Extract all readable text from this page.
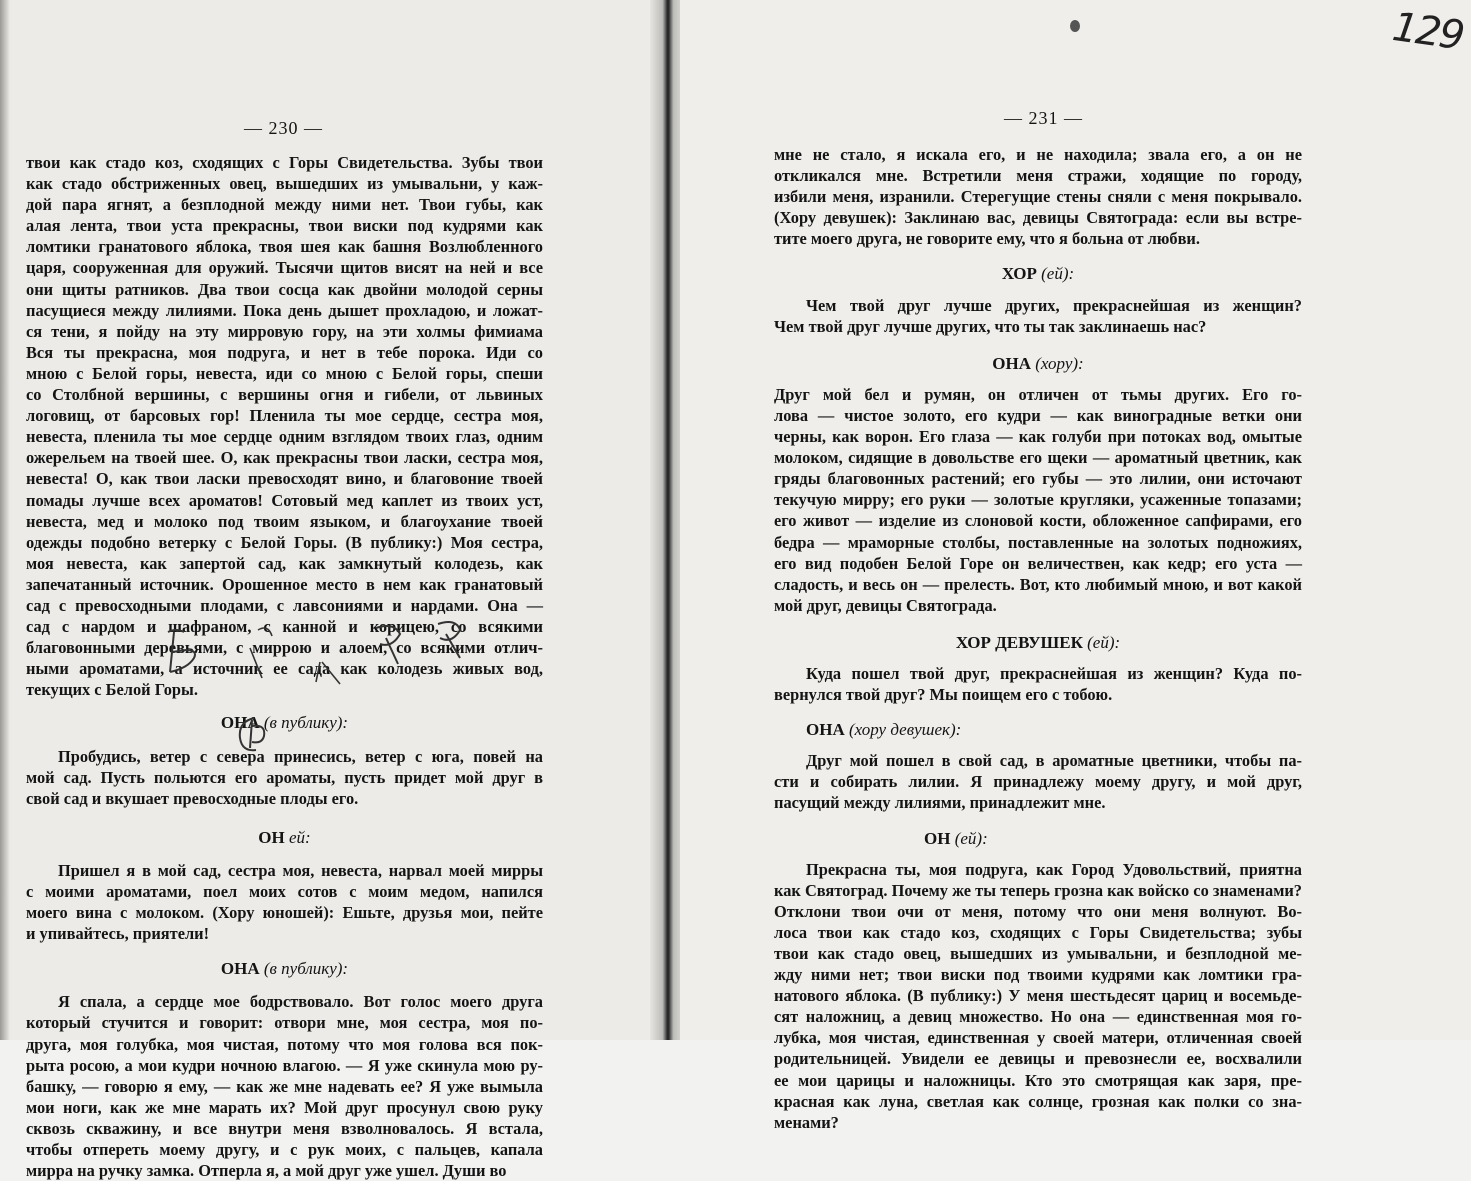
— 230 —
твои как стадо коз, сходящих с Горы Свидетельства. Зубы твои
как стадо обстриженных овец, вышедших из умывальни, у каж-
дой пара ягнят, а безплодной между ними нет. Твои губы, как
алая лента, твои уста прекрасны, твои виски под кудрями как
ломтики гранатового яблока, твоя шея как башня Возлюбленного
царя, сооруженная для оружий. Тысячи щитов висят на ней и все
они щиты ратников. Два твои сосца как двойни молодой серны
пасущиеся между лилиями. Пока день дышет прохладою, и ложат-
ся тени, я пойду на эту мирровую гору, на эти холмы фимиама
Вся ты прекрасна, моя подруга, и нет в тебе порока. Иди со
мною с Белой горы, невеста, иди со мною с Белой горы, спеши
со Столбной вершины, с вершины огня и гибели, от львиных
логовищ, от барсовых гор! Пленила ты мое сердце, сестра моя,
невеста, пленила ты мое сердце одним взглядом твоих глаз, одним
ожерельем на твоей шее. О, как прекрасны твои ласки, сестра моя,
невеста! О, как твои ласки превосходят вино, и благовоние твоей
помады лучше всех ароматов! Сотовый мед каплет из твоих уст,
невеста, мед и молоко под твоим языком, и благоухание твоей
одежды подобно ветерку с Белой Горы. (В публику:) Моя сестра,
моя невеста, как запертой сад, как замкнутый колодезь, как
запечатанный источник. Орошенное место в нем как гранатовый
сад с превосходными плодами, с лавсониями и нардами. Она —
сад с нардом и шафраном, с канной и корицею, со всякими
благовонными деревьями, с миррою и алоем, со всякими отлич-
ными ароматами, а источник ее сада как колодезь живых вод,
текущих с Белой Горы.
ОНА (в публику):
Пробудись, ветер с севера принесись, ветер с юга, повей на
мой сад. Пусть польются его ароматы, пусть придет мой друг в
свой сад и вкушает превосходные плоды его.
ОН ей:
Пришел я в мой сад, сестра моя, невеста, нарвал моей мирры
с моими ароматами, поел моих сотов с моим медом, напился
моего вина с молоком. (Хору юношей): Ешьте, друзья мои, пейте
и упивайтесь, приятели!
ОНА (в публику):
Я спала, а сердце мое бодрствовало. Вот голос моего друга
который стучится и говорит: отвори мне, моя сестра, моя по-
друга, моя голубка, моя чистая, потому что моя голова вся пок-
рыта росою, а мои кудри ночною влагою. — Я уже скинула мою ру-
башку, — говорю я ему, — как же мне надевать ее? Я уже вымыла
мои ноги, как же мне марать их? Мой друг просунул свою руку
сквозь скважину, и все внутри меня взволновалось. Я встала,
чтобы отпереть моему другу, и с рук моих, с пальцев, капала
мирра на ручку замка. Отперла я, а мой друг уже ушел. Души во
129
— 231 —
мне не стало, я искала его, и не находила; звала его, а он не
откликался мне. Встретили меня стражи, ходящие по городу,
избили меня, изранили. Стерегущие стены сняли с меня покрывало.
(Хору девушек): Заклинаю вас, девицы Святограда: если вы встре-
тите моего друга, не говорите ему, что я больна от любви.
ХОР (ей):
Чем твой друг лучше других, прекраснейшая из женщин?
Чем твой друг лучше других, что ты так заклинаешь нас?
ОНА (хору):
Друг мой бел и румян, он отличен от тьмы других. Его го-
лова — чистое золото, его кудри — как виноградные ветки они
черны, как ворон. Его глаза — как голуби при потоках вод, омытые
молоком, сидящие в довольстве его щеки — ароматный цветник, как
гряды благовонных растений; его губы — это лилии, они источают
текучую мирру; его руки — золотые кругляки, усаженные топазами;
его живот — изделие из слоновой кости, обложенное сапфирами, его
бедра — мраморные столбы, поставленные на золотых подножиях,
его вид подобен Белой Горе он величествен, как кедр; его уста —
сладость, и весь он — прелесть. Вот, кто любимый мною, и вот какой
мой друг, девицы Святограда.
ХОР ДЕВУШЕК (ей):
Куда пошел твой друг, прекраснейшая из женщин? Куда по-
вернулся твой друг? Мы поищем его с тобою.
ОНА (хору девушек):
Друг мой пошел в свой сад, в ароматные цветники, чтобы па-
сти и собирать лилии. Я принадлежу моему другу, и мой друг,
пасущий между лилиями, принадлежит мне.
ОН (ей):
Прекрасна ты, моя подруга, как Город Удовольствий, приятна
как Святоград. Почему же ты теперь грозна как войско со знаменами?
Отклони твои очи от меня, потому что они меня волнуют. Во-
лоса твои как стадо коз, сходящих с Горы Свидетельства; зубы
твои как стадо овец, вышедших из умывальни, и безплодной ме-
жду ними нет; твои виски под твоими кудрями как ломтики гра-
натового яблока. (В публику:) У меня шестьдесят цариц и восемьде-
сят наложниц, а девиц множество. Но она — единственная моя го-
лубка, моя чистая, единственная у своей матери, отличенная своей
родительницей. Увидели ее девицы и превознесли ее, восхвалили
ее мои царицы и наложницы. Кто это смотрящая как заря, пре-
красная как луна, светлая как солнце, грозная как полки со зна-
менами?
